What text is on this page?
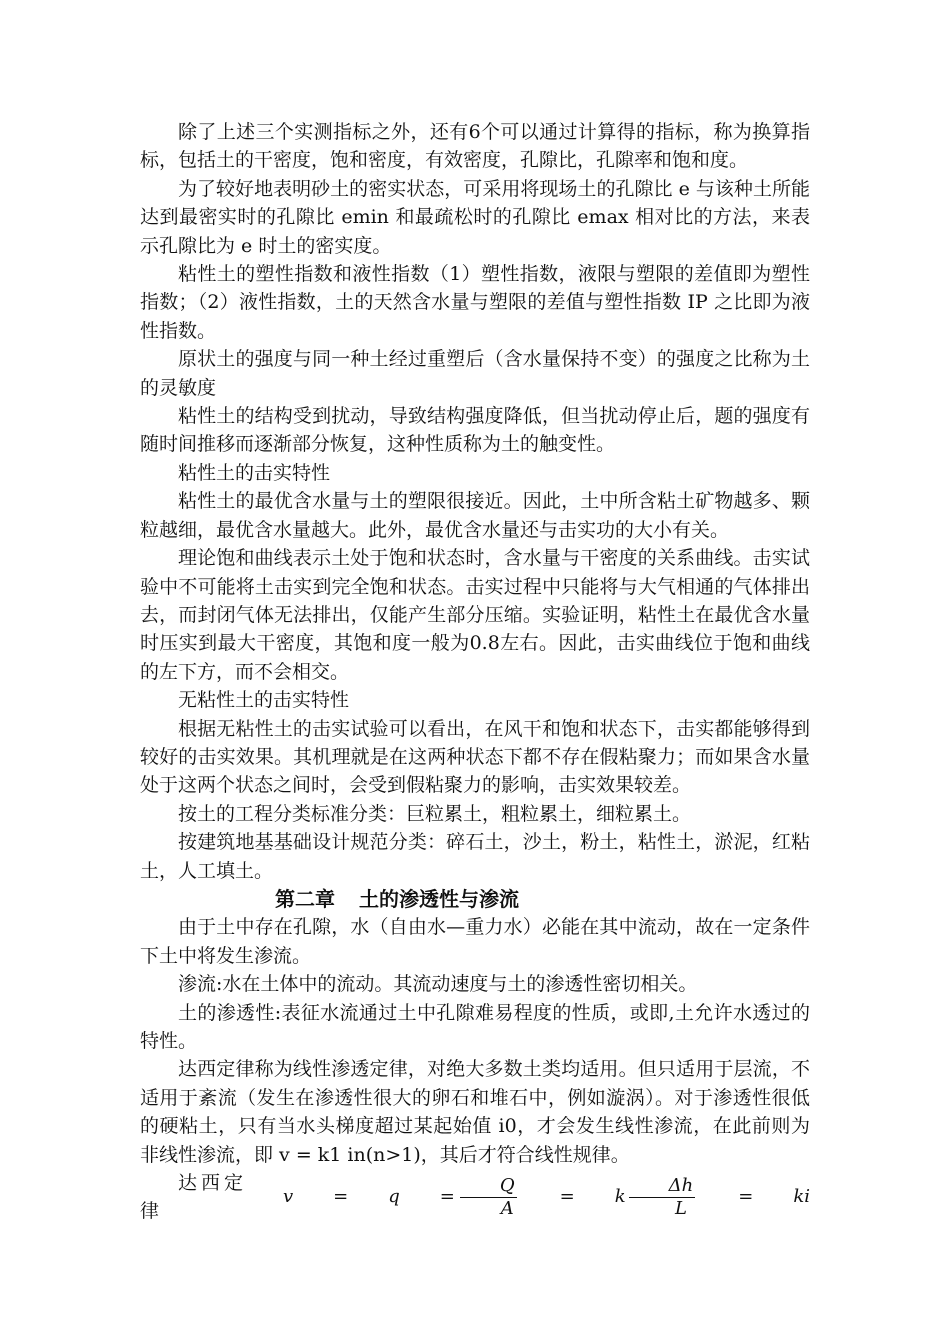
除了上述三个实测指标之外，还有6个可以通过计算得的指标，称为换算指标，包括土的干密度，饱和密度，有效密度，孔隙比，孔隙率和饱和度。

为了较好地表明砂土的密实状态，可采用将现场土的孔隙比 e 与该种土所能达到最密实时的孔隙比 emin 和最疏松时的孔隙比 emax 相对比的方法，来表示孔隙比为 e 时土的密实度。

粘性土的塑性指数和液性指数（1）塑性指数，液限与塑限的差值即为塑性指数；（2）液性指数，土的天然含水量与塑限的差值与塑性指数 IP 之比即为液性指数。

原状土的强度与同一种土经过重塑后（含水量保持不变）的强度之比称为土的灵敏度

粘性土的结构受到扰动，导致结构强度降低，但当扰动停止后，题的强度有随时间推移而逐渐部分恢复，这种性质称为土的触变性。

粘性土的击实特性

粘性土的最优含水量与土的塑限很接近。因此，土中所含粘土矿物越多、颗粒越细，最优含水量越大。此外，最优含水量还与击实功的大小有关。

理论饱和曲线表示土处于饱和状态时，含水量与干密度的关系曲线。击实试验中不可能将土击实到完全饱和状态。击实过程中只能将与大气相通的气体排出去，而封闭气体无法排出，仅能产生部分压缩。实验证明，粘性土在最优含水量时压实到最大干密度，其饱和度一般为0.8左右。因此，击实曲线位于饱和曲线的左下方，而不会相交。

无粘性土的击实特性

根据无粘性土的击实试验可以看出，在风干和饱和状态下，击实都能够得到较好的击实效果。其机理就是在这两种状态下都不存在假粘聚力；而如果含水量处于这两个状态之间时，会受到假粘聚力的影响，击实效果较差。

按土的工程分类标准分类：巨粒累土，粗粒累土，细粒累土。

按建筑地基基础设计规范分类：碎石土，沙土，粉土，粘性土，淤泥，红粘土，人工填土。

第二章 土的渗透性与渗流

由于土中存在孔隙，水（自由水—重力水）必能在其中流动，故在一定条件下土中将发生渗流。

渗流:水在土体中的流动。其流动速度与土的渗透性密切相关。

土的渗透性:表征水流通过土中孔隙难易程度的性质，或即,土允许水透过的特性。

达西定律称为线性渗透定律，对绝大多数土类均适用。但只适用于层流，不适用于紊流（发生在渗透性很大的卵石和堆石中，例如漩涡）。对于渗透性很低的硬粘土，只有当水头梯度超过某起始值 i0，才会发生线性渗流，在此前则为非线性渗流，即 v = k1 in(n>1)，其后才符合线性规律。

达西定律
v	=	q	= $\frac{Q}{A}$	=	k $\frac{\Delta h}{L}$	=	ki
